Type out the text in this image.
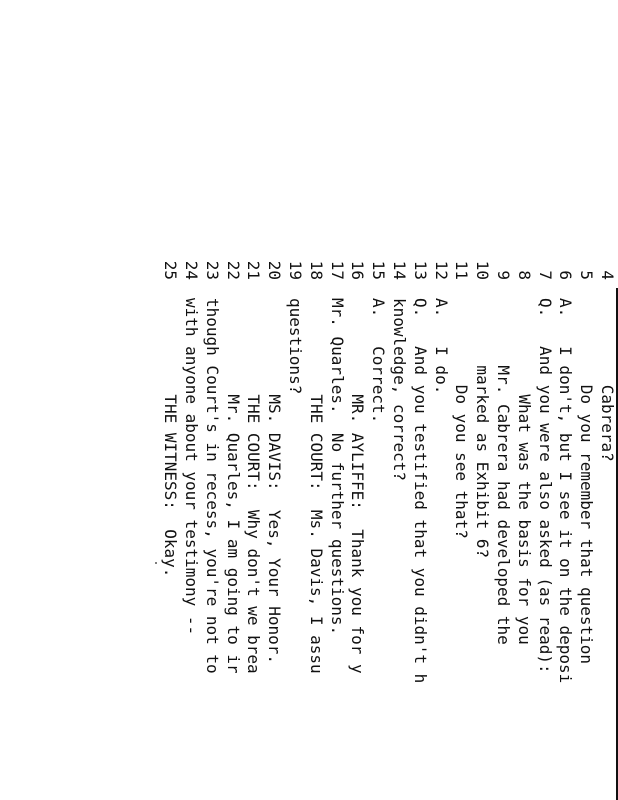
4
Cabrera?
5
Do you remember that question
6
A.   I don't, but I see it on the deposi
7
Q.   And you were also asked (as read):
8
What was the basis for you
9
Mr. Cabrera had developed the
10
marked as Exhibit 6?
11
Do you see that?
12
A.   I do.
13
Q.   And you testified that you didn't h
14
knowledge, correct?
15
A.   Correct.
16
MR. AYLIFFE:  Thank you for y
17
Mr. Quarles.  No further questions.
18
THE COURT:  Ms. Davis, I assu
19
questions?
20
MS. DAVIS:  Yes, Your Honor.
21
THE COURT:  Why don't we brea
22
Mr. Quarles, I am going to ir
23
though Court's in recess, you're not to
24
with anyone about your testimony --
25
THE WITNESS:  Okay.
